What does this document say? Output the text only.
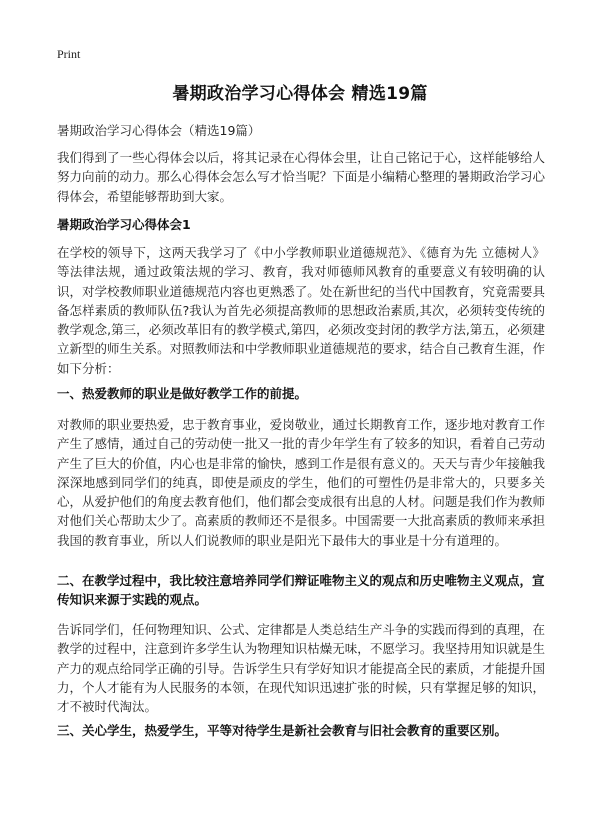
Print
暑期政治学习心得体会 精选19篇
暑期政治学习心得体会（精选19篇）
我们得到了一些心得体会以后，将其记录在心得体会里，让自己铭记于心，这样能够给人努力向前的动力。那么心得体会怎么写才恰当呢？下面是小编精心整理的暑期政治学习心得体会，希望能够帮助到大家。
暑期政治学习心得体会1
在学校的领导下，这两天我学习了《中小学教师职业道德规范》、《德育为先 立德树人》等法律法规，通过政策法规的学习、教育，我对师德师风教育的重要意义有较明确的认识，对学校教师职业道德规范内容也更熟悉了。处在新世纪的当代中国教育，究竟需要具备怎样素质的教师队伍?我认为首先必须提高教师的思想政治素质,其次，必须转变传统的教学观念,第三，必须改革旧有的教学模式,第四，必须改变封闭的教学方法,第五，必须建立新型的师生关系。对照教师法和中学教师职业道德规范的要求，结合自己教育生涯，作如下分析：
一、热爱教师的职业是做好教学工作的前提。
对教师的职业要热爱，忠于教育事业，爱岗敬业，通过长期教育工作，逐步地对教育工作产生了感情，通过自己的劳动使一批又一批的青少年学生有了较多的知识，看着自己劳动产生了巨大的价值，内心也是非常的愉快，感到工作是很有意义的。天天与青少年接触我深深地感到同学们的纯真，即使是顽皮的学生，他们的可塑性仍是非常大的，只要多关心，从爱护他们的角度去教育他们，他们都会变成很有出息的人材。问题是我们作为教师对他们关心帮助太少了。高素质的教师还不是很多。中国需要一大批高素质的教师来承担我国的教育事业，所以人们说教师的职业是阳光下最伟大的事业是十分有道理的。
二、在教学过程中，我比较注意培养同学们辩证唯物主义的观点和历史唯物主义观点，宣传知识来源于实践的观点。
告诉同学们，任何物理知识、公式、定律都是人类总结生产斗争的实践而得到的真理，在教学的过程中，注意到许多学生认为物理知识枯燥无味，不愿学习。我坚持用知识就是生产力的观点给同学正确的引导。告诉学生只有学好知识才能提高全民的素质，才能提升国力，个人才能有为人民服务的本领，在现代知识迅速扩张的时候，只有掌握足够的知识，才不被时代淘汰。
三、关心学生，热爱学生，平等对待学生是新社会教育与旧社会教育的重要区别。
